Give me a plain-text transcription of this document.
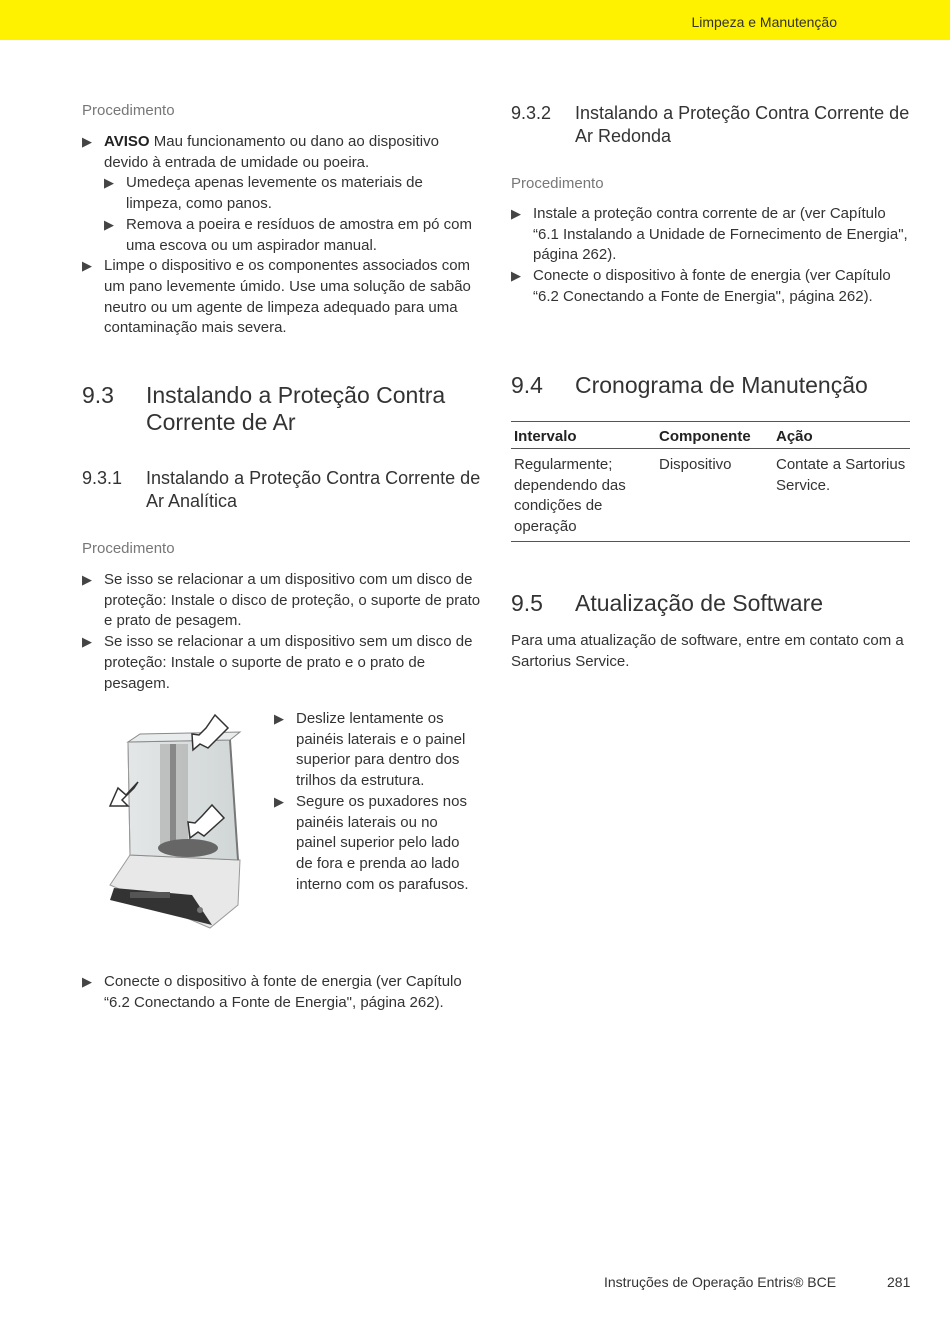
Limpeza e Manutenção
Procedimento
▶ AVISO Mau funcionamento ou dano ao dispositivo devido à entrada de umidade ou poeira.
▶ Umedeça apenas levemente os materiais de limpeza, como panos.
▶ Remova a poeira e resíduos de amostra em pó com uma escova ou um aspirador manual.
▶ Limpe o dispositivo e os componentes associados com um pano levemente úmido. Use uma solução de sabão neutro ou um agente de limpeza adequado para uma contaminação mais severa.
9.3	Instalando a Proteção Contra Corrente de Ar
9.3.1	Instalando a Proteção Contra Corrente de Ar Analítica
Procedimento
▶ Se isso se relacionar a um dispositivo com um disco de proteção: Instale o disco de proteção, o suporte de prato e prato de pesagem.
▶ Se isso se relacionar a um dispositivo sem um disco de proteção: Instale o suporte de prato e o prato de pesagem.
▶ Deslize lentamente os painéis laterais e o painel superior para dentro dos trilhos da estrutura.
▶ Segure os puxadores nos painéis laterais ou no painel superior pelo lado de fora e prenda ao lado interno com os parafusos.
▶ Conecte o dispositivo à fonte de energia (ver Capítulo “6.2 Conectando a Fonte de Energia", página 262).
9.3.2	Instalando a Proteção Contra Corrente de Ar Redonda
Procedimento
▶ Instale a proteção contra corrente de ar (ver Capítulo “6.1 Instalando a Unidade de Fornecimento de Energia", página 262).
▶ Conecte o dispositivo à fonte de energia (ver Capítulo “6.2 Conectando a Fonte de Energia", página 262).
9.4	Cronograma de Manutenção
Intervalo	Componente	Ação
Regularmente; dependendo das condições de operação	Dispositivo	Contate a Sartorius Service.
9.5	Atualização de Software
Para uma atualização de software, entre em contato com a Sartorius Service.
Instruções de Operação Entris® BCE	281
